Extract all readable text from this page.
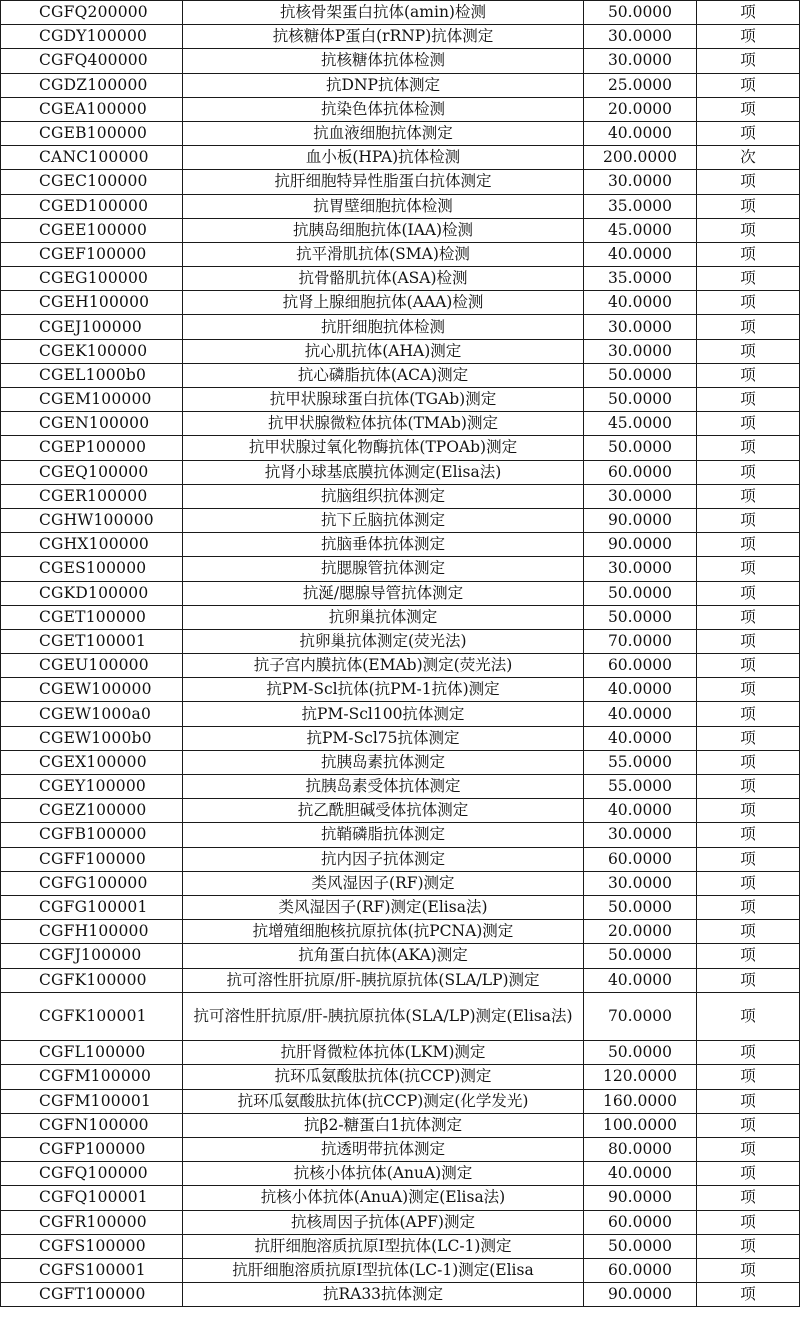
CGFQ200000	抗核骨架蛋白抗体(amin)检测	50.0000	项
CGDY100000	抗核糖体P蛋白(rRNP)抗体测定	30.0000	项
CGFQ400000	抗核糖体抗体检测	30.0000	项
CGDZ100000	抗DNP抗体测定	25.0000	项
CGEA100000	抗染色体抗体检测	20.0000	项
CGEB100000	抗血液细胞抗体测定	40.0000	项
CANC100000	血小板(HPA)抗体检测	200.0000	次
CGEC100000	抗肝细胞特异性脂蛋白抗体测定	30.0000	项
CGED100000	抗胃壁细胞抗体检测	35.0000	项
CGEE100000	抗胰岛细胞抗体(IAA)检测	45.0000	项
CGEF100000	抗平滑肌抗体(SMA)检测	40.0000	项
CGEG100000	抗骨骼肌抗体(ASA)检测	35.0000	项
CGEH100000	抗肾上腺细胞抗体(AAA)检测	40.0000	项
CGEJ100000	抗肝细胞抗体检测	30.0000	项
CGEK100000	抗心肌抗体(AHA)测定	30.0000	项
CGEL1000b0	抗心磷脂抗体(ACA)测定	50.0000	项
CGEM100000	抗甲状腺球蛋白抗体(TGAb)测定	50.0000	项
CGEN100000	抗甲状腺微粒体抗体(TMAb)测定	45.0000	项
CGEP100000	抗甲状腺过氧化物酶抗体(TPOAb)测定	50.0000	项
CGEQ100000	抗肾小球基底膜抗体测定(Elisa法)	60.0000	项
CGER100000	抗脑组织抗体测定	30.0000	项
CGHW100000	抗下丘脑抗体测定	90.0000	项
CGHX100000	抗脑垂体抗体测定	90.0000	项
CGES100000	抗腮腺管抗体测定	30.0000	项
CGKD100000	抗涎/腮腺导管抗体测定	50.0000	项
CGET100000	抗卵巢抗体测定	50.0000	项
CGET100001	抗卵巢抗体测定(荧光法)	70.0000	项
CGEU100000	抗子宫内膜抗体(EMAb)测定(荧光法)	60.0000	项
CGEW100000	抗PM-Scl抗体(抗PM-1抗体)测定	40.0000	项
CGEW1000a0	抗PM-Scl100抗体测定	40.0000	项
CGEW1000b0	抗PM-Scl75抗体测定	40.0000	项
CGEX100000	抗胰岛素抗体测定	55.0000	项
CGEY100000	抗胰岛素受体抗体测定	55.0000	项
CGEZ100000	抗乙酰胆碱受体抗体测定	40.0000	项
CGFB100000	抗鞘磷脂抗体测定	30.0000	项
CGFF100000	抗内因子抗体测定	60.0000	项
CGFG100000	类风湿因子(RF)测定	30.0000	项
CGFG100001	类风湿因子(RF)测定(Elisa法)	50.0000	项
CGFH100000	抗增殖细胞核抗原抗体(抗PCNA)测定	20.0000	项
CGFJ100000	抗角蛋白抗体(AKA)测定	50.0000	项
CGFK100000	抗可溶性肝抗原/肝-胰抗原抗体(SLA/LP)测定	40.0000	项
CGFK100001	抗可溶性肝抗原/肝-胰抗原抗体(SLA/LP)测定(Elisa法)	70.0000	项
CGFL100000	抗肝肾微粒体抗体(LKM)测定	50.0000	项
CGFM100000	抗环瓜氨酸肽抗体(抗CCP)测定	120.0000	项
CGFM100001	抗环瓜氨酸肽抗体(抗CCP)测定(化学发光)	160.0000	项
CGFN100000	抗β2-糖蛋白1抗体测定	100.0000	项
CGFP100000	抗透明带抗体测定	80.0000	项
CGFQ100000	抗核小体抗体(AnuA)测定	40.0000	项
CGFQ100001	抗核小体抗体(AnuA)测定(Elisa法)	90.0000	项
CGFR100000	抗核周因子抗体(APF)测定	60.0000	项
CGFS100000	抗肝细胞溶质抗原Ⅰ型抗体(LC-1)测定	50.0000	项
CGFS100001	抗肝细胞溶质抗原Ⅰ型抗体(LC-1)测定(Elisa	60.0000	项
CGFT100000	抗RA33抗体测定	90.0000	项
